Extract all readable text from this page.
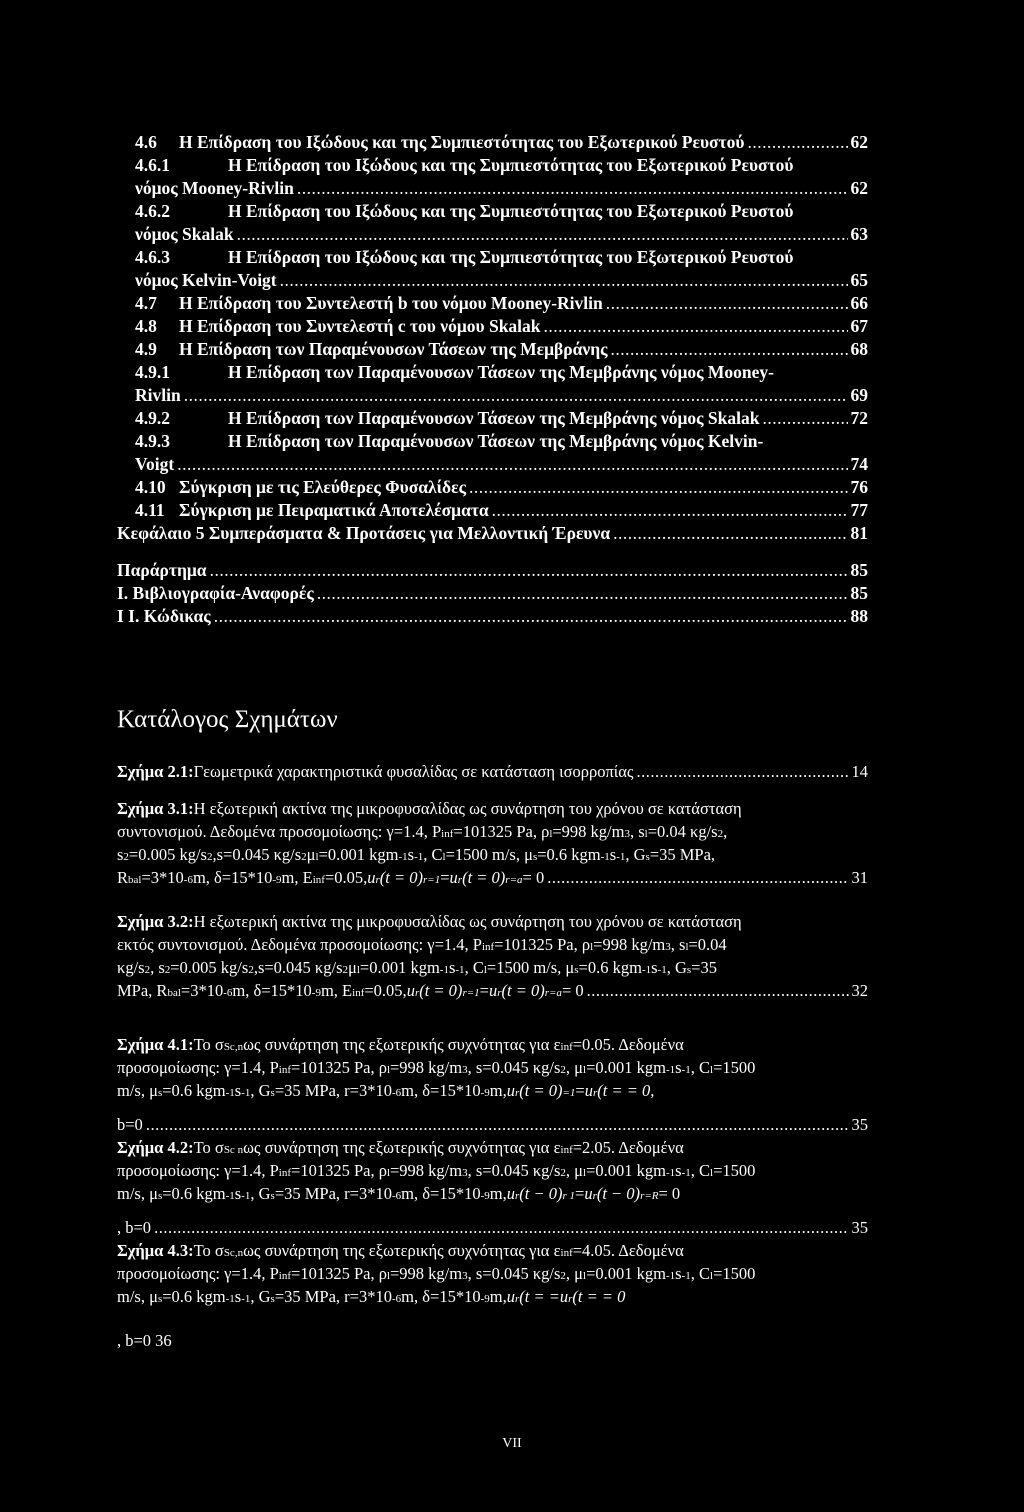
4.6	Η Επίδραση του Ιξώδους και της Συμπιεστότητας του Εξωτερικού Ρευστού .....	62
4.6.1	Η Επίδραση του Ιξώδους και της Συμπιεστότητας του Εξωτερικού Ρευστού
νόμος Mooney-Rivlin .....	62
4.6.2	Η Επίδραση του Ιξώδους και της Συμπιεστότητας του Εξωτερικού Ρευστού
νόμος Skalak .....	63
4.6.3	Η Επίδραση του Ιξώδους και της Συμπιεστότητας του Εξωτερικού Ρευστού
νόμος Kelvin-Voigt .....	65
4.7	Η Επίδραση του Συντελεστή b του νόμου Mooney-Rivlin .....	66
4.8	Η Επίδραση του Συντελεστή c του νόμου Skalak .....	67
4.9	Η Επίδραση των Παραμένουσων Τάσεων της Μεμβράνης .....	68
4.9.1	Η Επίδραση των Παραμένουσων Τάσεων της Μεμβράνης νόμος Mooney-
Rivlin .....	69
4.9.2	Η Επίδραση των Παραμένουσων Τάσεων της Μεμβράνης νόμος Skalak .....	72
4.9.3	Η Επίδραση των Παραμένουσων Τάσεων της Μεμβράνης νόμος Kelvin-
Voigt .....	74
4.10 Σύγκριση με τις Ελεύθερες Φυσαλίδες .....	76
4.11 Σύγκριση με Πειραματικά Αποτελέσματα .....	77
Κεφάλαιο 5 Συμπεράσματα & Προτάσεις για Μελλοντική Έρευνα .....	81
Παράρτημα .....	85
I. Βιβλιογραφία-Αναφορές .....	85
I I. Κώδικας .....	88
Κατάλογος Σχημάτων
Σχήμα 2.1: Γεωμετρικά χαρακτηριστικά φυσαλίδας σε κατάσταση ισορροπίας .....	14
Σχήμα 3.1: Η εξωτερική ακτίνα της μικροφυσαλίδας ως συνάρτηση του χρόνου σε κατάσταση
συντονισμού. Δεδομένα προσομοίωσης: γ=1.4, P inf =101325 Pa, ρ l =998 kg/m 3 , s l =0.04 κg/s 2 ,
s 2 =0.005 kg/s 2 ,s=0.045 κg/s 2 μ l =0.001 kgm -1 s -1 , C l =1500 m/s, μ s =0.6 kgm -1 s -1 , G s =35 MPa,
R bal =3*10 -6 m, δ=15*10 -9 m, E inf =0.05, u r (t = 0) r=1 = u r (t = 0) r=a = 0 .....	31
Σχήμα 3.2: Η εξωτερική ακτίνα της μικροφυσαλίδας ως συνάρτηση του χρόνου σε κατάσταση
εκτός συντονισμού. Δεδομένα προσομοίωσης: γ=1.4, P inf =101325 Pa, ρ l =998 kg/m 3 , s l =0.04
κg/s 2 , s 2 =0.005 kg/s 2 ,s=0.045 κg/s 2 μ l =0.001 kgm -1 s -1 , C l =1500 m/s, μ s =0.6 kgm -1 s -1 , G s =35
MPa, R bal =3*10 -6 m, δ=15*10 -9 m, E inf =0.05, u r (t = 0) r=1 = u r (t = 0) r=a = 0 .....	32
Σχήμα 4.1: Το σ Sc,n ως συνάρτηση της εξωτερικής συχνότητας για ε inf =0.05. Δεδομένα
προσομοίωσης: γ=1.4, P inf =101325 Pa, ρ l =998 kg/m 3 , s=0.045 κg/s 2 , μ l =0.001 kgm -1 s -1 , C l =1500
m/s, μ s =0.6 kgm -1 s -1 , G s =35 MPa, r=3*10 -6 m, δ=15*10 -9 m, u r (t = 0) =1 = u r (t = = 0,
b=0 .....	35
Σχήμα 4.2: Το σ Sc n ως συνάρτηση της εξωτερικής συχνότητας για ε inf =2.05. Δεδομένα
προσομοίωσης: γ=1.4, P inf =101325 Pa, ρ l =998 kg/m 3 , s=0.045 κg/s 2 , μ l =0.001 kgm -1 s -1 , C l =1500
m/s, μ s =0.6 kgm -1 s -1 , G s =35 MPa, r=3*10 -6 m, δ=15*10 -9 m, u r (t − 0) r 1 = u r (t − 0) r=R = 0
, b=0 .....	35
Σχήμα 4.3: Το σ Sc,n ως συνάρτηση της εξωτερικής συχνότητας για ε inf =4.05. Δεδομένα
προσομοίωσης: γ=1.4, P inf =101325 Pa, ρ l =998 kg/m 3 , s=0.045 κg/s 2 , μ l =0.001 kgm -1 s -1 , C l =1500
m/s, μ s =0.6 kgm -1 s -1 , G s =35 MPa, r=3*10 -6 m, δ=15*10 -9 m, u r (t = = u r (t = = 0
, b=0 36
VII
